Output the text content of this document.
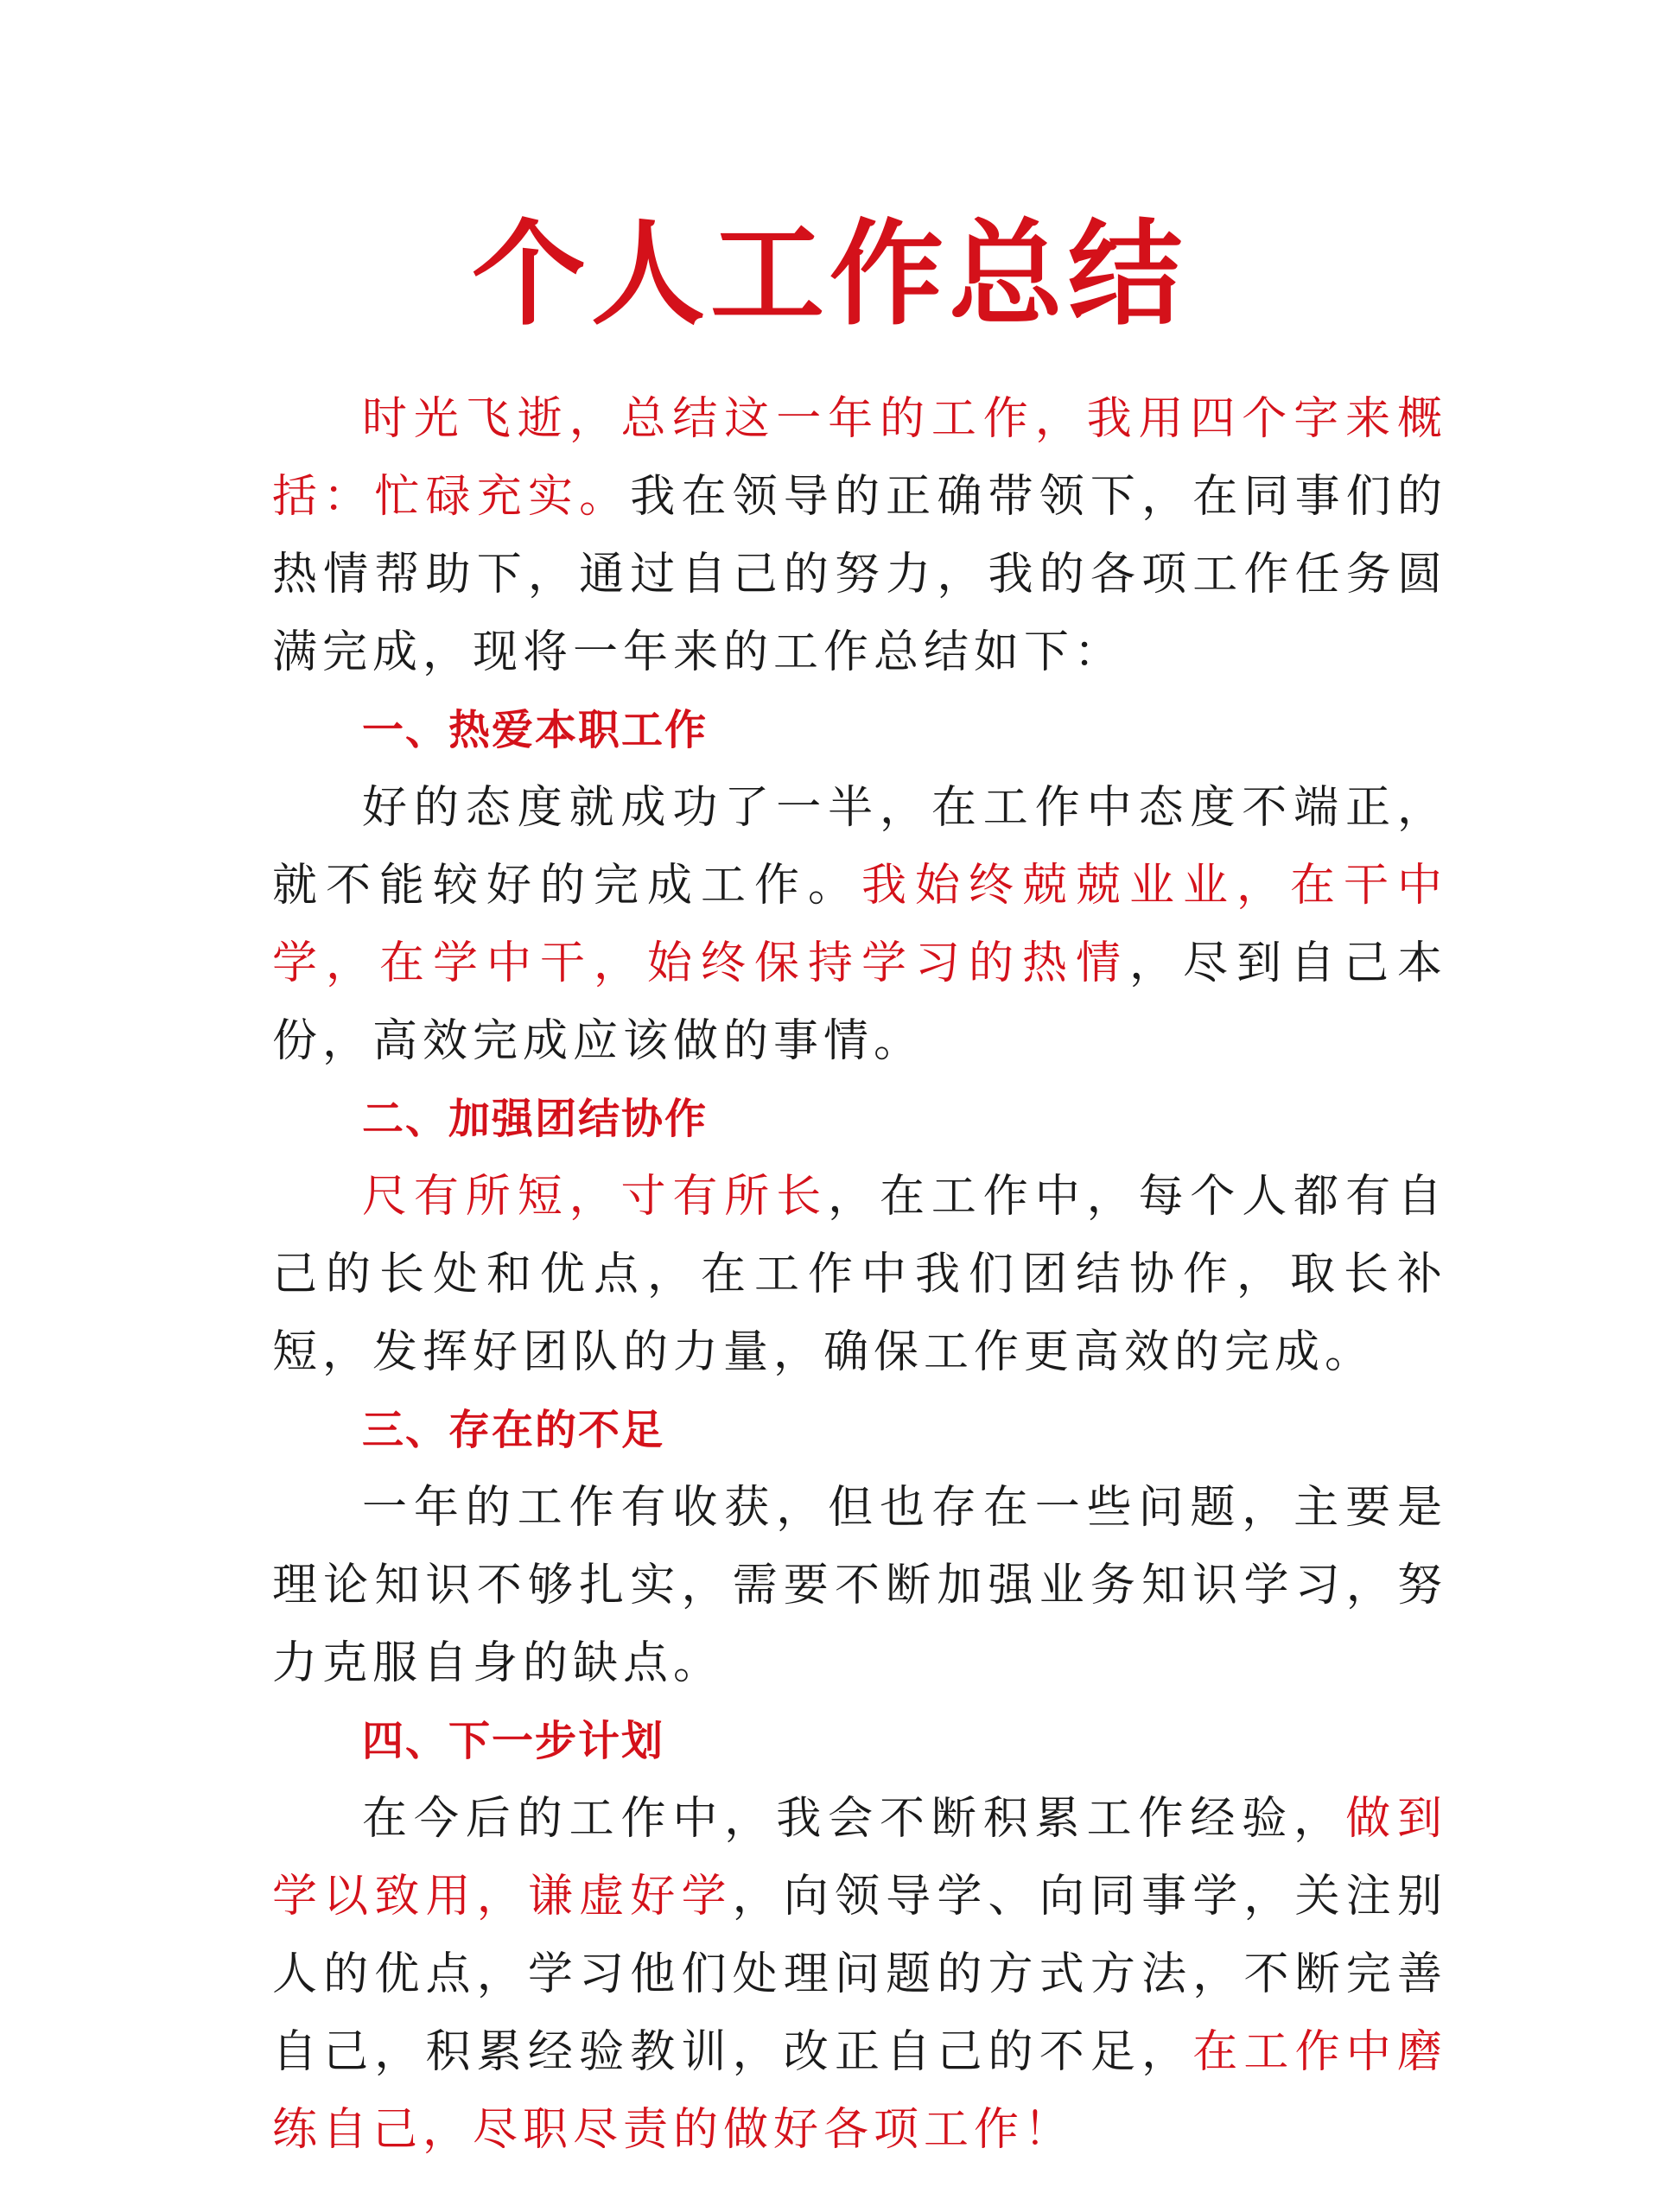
个人工作总结

时光飞逝，总结这一年的工作，我用四个字来概括：忙碌充实。我在领导的正确带领下，在同事们的热情帮助下，通过自己的努力，我的各项工作任务圆满完成，现将一年来的工作总结如下：

一、热爱本职工作

好的态度就成功了一半，在工作中态度不端正，就不能较好的完成工作。我始终兢兢业业，在干中学，在学中干，始终保持学习的热情，尽到自己本份，高效完成应该做的事情。

二、加强团结协作

尺有所短，寸有所长，在工作中，每个人都有自己的长处和优点，在工作中我们团结协作，取长补短，发挥好团队的力量，确保工作更高效的完成。

三、存在的不足

一年的工作有收获，但也存在一些问题，主要是理论知识不够扎实，需要不断加强业务知识学习，努力克服自身的缺点。

四、下一步计划

在今后的工作中，我会不断积累工作经验，做到学以致用，谦虚好学，向领导学、向同事学，关注别人的优点，学习他们处理问题的方式方法，不断完善自己，积累经验教训，改正自己的不足，在工作中磨练自己，尽职尽责的做好各项工作！
